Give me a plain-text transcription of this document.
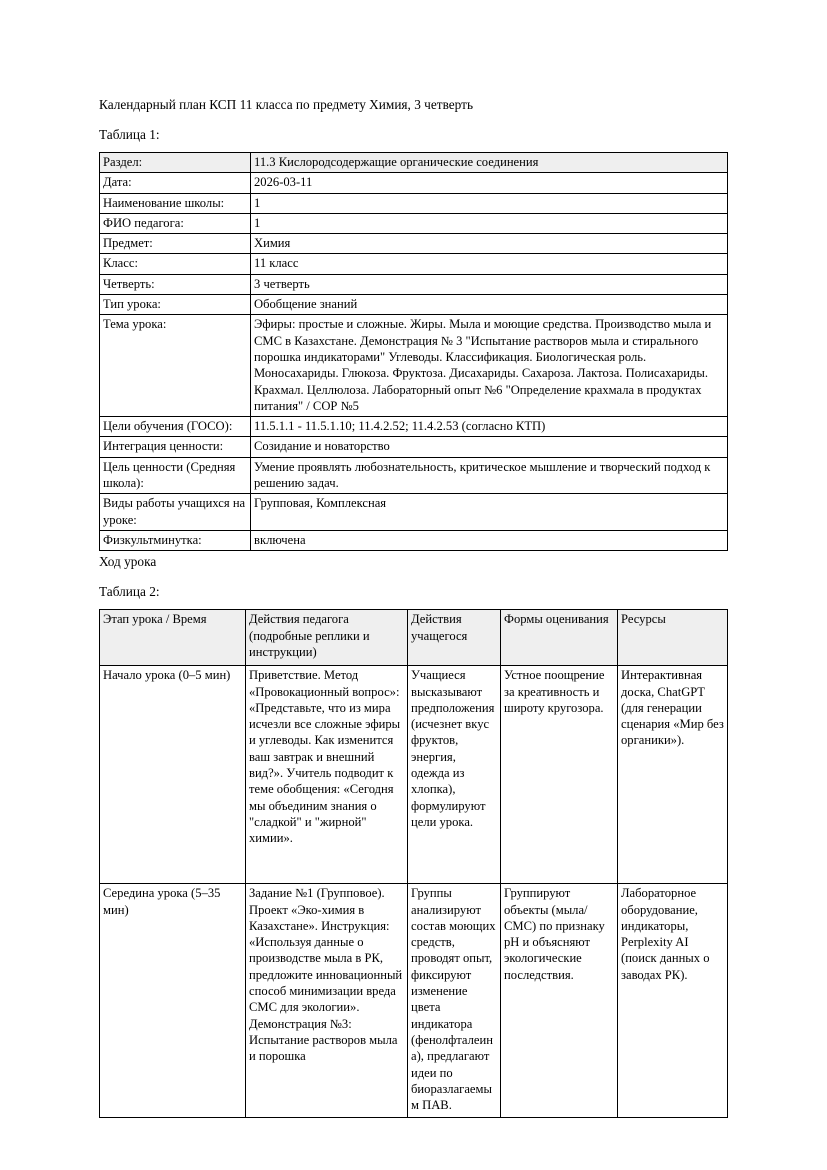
Календарный план КСП 11 класса по предмету Химия, 3 четверть
Таблица 1:
Раздел:	11.3 Кислородсодержащие органические соединения
Дата:	2026-03-11
Наименование школы:	1
ФИО педагога:	1
Предмет:	Химия
Класс:	11 класс
Четверть:	3 четверть
Тип урока:	Обобщение знаний
Тема урока:	Эфиры: простые и сложные. Жиры. Мыла и моющие средства. Производство мыла и СМС в Казахстане. Демонстрация № 3 "Испытание растворов мыла и стирального порошка индикаторами" Углеводы. Классификация. Биологическая роль. Моносахариды. Глюкоза. Фруктоза. Дисахариды. Сахароза. Лактоза. Полисахариды. Крахмал. Целлюлоза. Лабораторный опыт №6 "Определение крахмала в продуктах питания" / СОР №5
Цели обучения (ГОСО):	11.5.1.1 - 11.5.1.10; 11.4.2.52; 11.4.2.53 (согласно КТП)
Интеграция ценности:	Созидание и новаторство
Цель ценности (Средняя школа):	Умение проявлять любознательность, критическое мышление и творческий подход к решению задач.
Виды работы учащихся на уроке:	Групповая, Комплексная
Физкультминутка:	включена
Ход урока
Таблица 2:
Этап урока / Время	Действия педагога (подробные реплики и инструкции)	Действия учащегося	Формы оценивания	Ресурсы
Начало урока (0–5 мин)	Приветствие. Метод «Провокационный вопрос»: «Представьте, что из мира исчезли все сложные эфиры и углеводы. Как изменится ваш завтрак и внешний вид?». Учитель подводит к теме обобщения: «Сегодня мы объединим знания о "сладкой" и "жирной" химии».	Учащиеся высказывают предположения (исчезнет вкус фруктов, энергия, одежда из хлопка), формулируют цели урока.	Устное поощрение за креативность и широту кругозора.	Интерактивная доска, ChatGPT (для генерации сценария «Мир без органики»).
Середина урока (5–35 мин)	Задание №1 (Групповое). Проект «Эко-химия в Казахстане». Инструкция: «Используя данные о производстве мыла в РК, предложите инновационный способ минимизации вреда СМС для экологии». Демонстрация №3: Испытание растворов мыла и порошка	Группы анализируют состав моющих средств, проводят опыт, фиксируют изменение цвета индикатора (фенолфталеина), предлагают идеи по биоразлагаемым ПАВ.	Группируют объекты (мыла/СМС) по признаку pH и объясняют экологические последствия.	Лабораторное оборудование, индикаторы, Perplexity AI (поиск данных о заводах РК).
